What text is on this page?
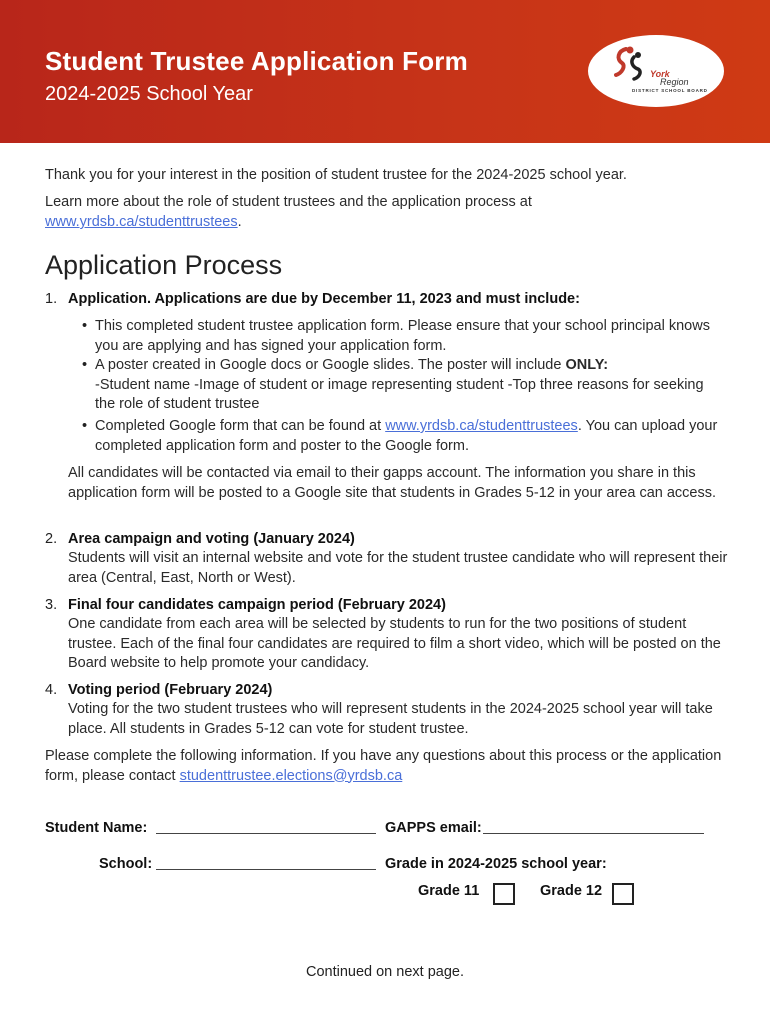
Student Trustee Application Form
2024-2025 School Year
York
Region
DISTRICT SCHOOL BOARD
Thank you for your interest in the position of student trustee for the 2024-2025 school year.
Learn more about the role of student trustees and the application process at www.yrdsb.ca/studenttrustees.
Application Process
1. Application. Applications are due by December 11, 2023 and must include:
• This completed student trustee application form. Please ensure that your school principal knows you are applying and has signed your application form.
• A poster created in Google docs or Google slides. The poster will include ONLY:
-Student name -Image of student or image representing student -Top three reasons for seeking the role of student trustee
• Completed Google form that can be found at www.yrdsb.ca/studenttrustees. You can upload your completed application form and poster to the Google form.
All candidates will be contacted via email to their gapps account. The information you share in this application form will be posted to a Google site that students in Grades 5-12 in your area can access.
2. Area campaign and voting (January 2024)
Students will visit an internal website and vote for the student trustee candidate who will represent their area (Central, East, North or West).
3. Final four candidates campaign period (February 2024)
One candidate from each area will be selected by students to run for the two positions of student trustee. Each of the final four candidates are required to film a short video, which will be posted on the Board website to help promote your candidacy.
4. Voting period (February 2024)
Voting for the two student trustees who will represent students in the 2024-2025 school year will take place. All students in Grades 5-12 can vote for student trustee.
Please complete the following information. If you have any questions about this process or the application form, please contact studenttrustee.elections@yrdsb.ca
Student Name:	GAPPS email:
School:	Grade in 2024-2025 school year:
Grade 11	Grade 12
Continued on next page.
